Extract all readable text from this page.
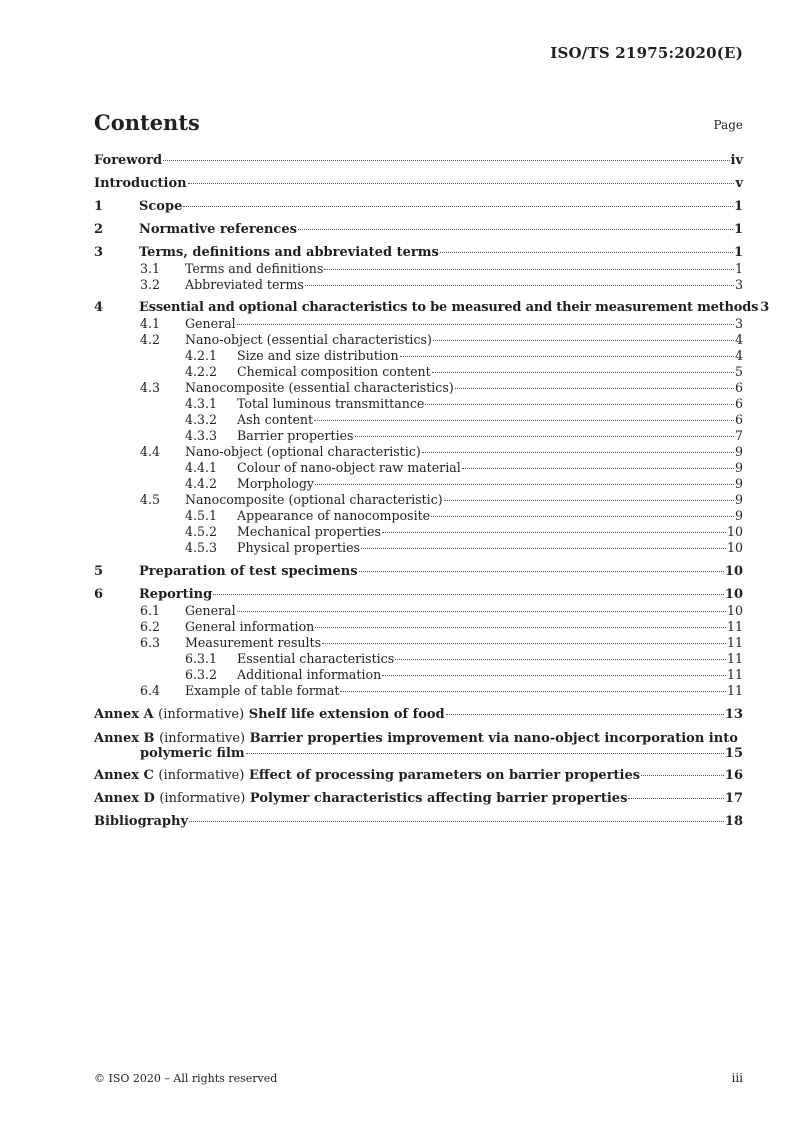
ISO/TS 21975:2020(E)
Contents	Page
Foreword	iv
Introduction	v
1	Scope	1
2	Normative references	1
3	Terms, definitions and abbreviated terms	1
3.1	Terms and definitions	1
3.2	Abbreviated terms	3
4	Essential and optional characteristics to be measured and their measurement methods 3
4.1	General	3
4.2	Nano-object (essential characteristics)	4
4.2.1	Size and size distribution	4
4.2.2	Chemical composition content	5
4.3	Nanocomposite (essential characteristics)	6
4.3.1	Total luminous transmittance	6
4.3.2	Ash content	6
4.3.3	Barrier properties	7
4.4	Nano-object (optional characteristic)	9
4.4.1	Colour of nano-object raw material	9
4.4.2	Morphology	9
4.5	Nanocomposite (optional characteristic)	9
4.5.1	Appearance of nanocomposite	9
4.5.2	Mechanical properties	10
4.5.3	Physical properties	10
5	Preparation of test specimens	10
6	Reporting	10
6.1	General	10
6.2	General information	11
6.3	Measurement results	11
6.3.1	Essential characteristics	11
6.3.2	Additional information	11
6.4	Example of table format	11
Annex A (informative) Shelf life extension of food	13
Annex B (informative) Barrier properties improvement via nano-object incorporation into
polymeric film	15
Annex C (informative) Effect of processing parameters on barrier properties	16
Annex D (informative) Polymer characteristics affecting barrier properties	17
Bibliography	18
© ISO 2020 – All rights reserved	iii
